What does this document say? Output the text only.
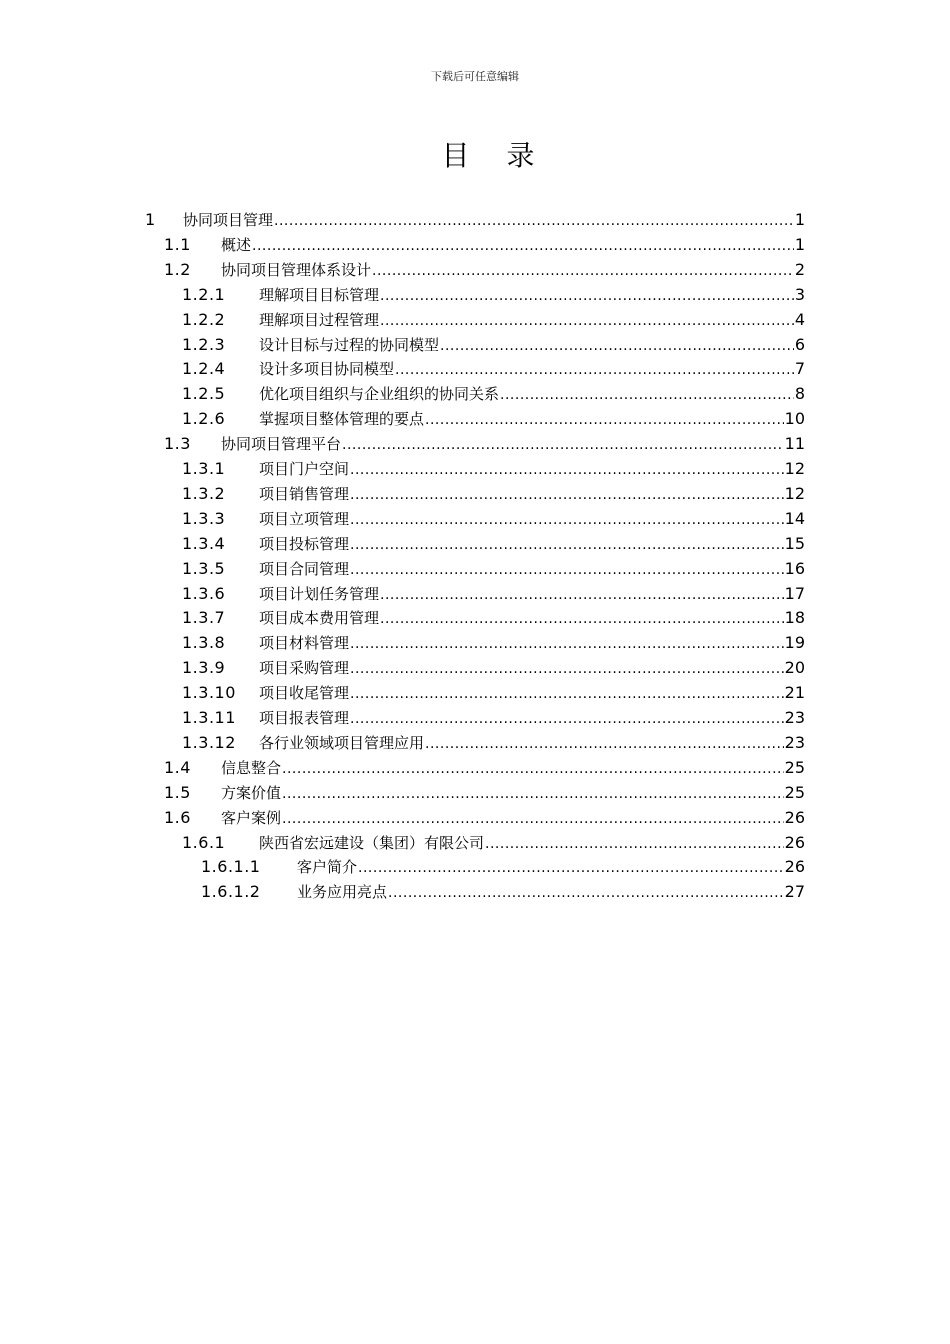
下载后可任意编辑
目 录
1 协同项目管理 .....	1
1.1 概述 .....	1
1.2 协同项目管理体系设计 .....	2
1.2.1 理解项目目标管理 .....	3
1.2.2 理解项目过程管理 .....	4
1.2.3 设计目标与过程的协同模型 .....	6
1.2.4 设计多项目协同模型 .....	7
1.2.5 优化项目组织与企业组织的协同关系 .....	8
1.2.6 掌握项目整体管理的要点 .....	10
1.3 协同项目管理平台 .....	11
1.3.1 项目门户空间 .....	12
1.3.2 项目销售管理 .....	12
1.3.3 项目立项管理 .....	14
1.3.4 项目投标管理 .....	15
1.3.5 项目合同管理 .....	16
1.3.6 项目计划任务管理 .....	17
1.3.7 项目成本费用管理 .....	18
1.3.8 项目材料管理 .....	19
1.3.9 项目采购管理 .....	20
1.3.10 项目收尾管理 .....	21
1.3.11 项目报表管理 .....	23
1.3.12 各行业领域项目管理应用 .....	23
1.4 信息整合 .....	25
1.5 方案价值 .....	25
1.6 客户案例 .....	26
1.6.1 陕西省宏远建设（集团）有限公司 .....	26
1.6.1.1 客户简介 .....	26
1.6.1.2 业务应用亮点 .....	27
